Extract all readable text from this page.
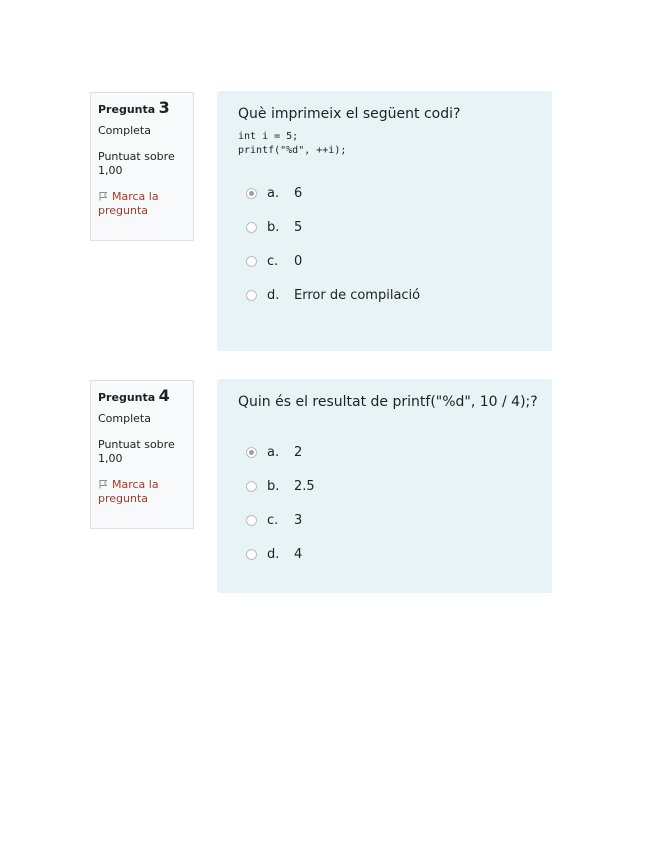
Pregunta 3
Completa
Puntuat sobre 1,00
Marca la pregunta
Què imprimeix el següent codi?
int i = 5;
printf("%d", ++i);
a.	6
b.	5
c.	0
d.	Error de compilació
Pregunta 4
Completa
Puntuat sobre 1,00
Marca la pregunta
Quin és el resultat de printf("%d", 10 / 4);?
a.	2
b.	2.5
c.	3
d.	4
